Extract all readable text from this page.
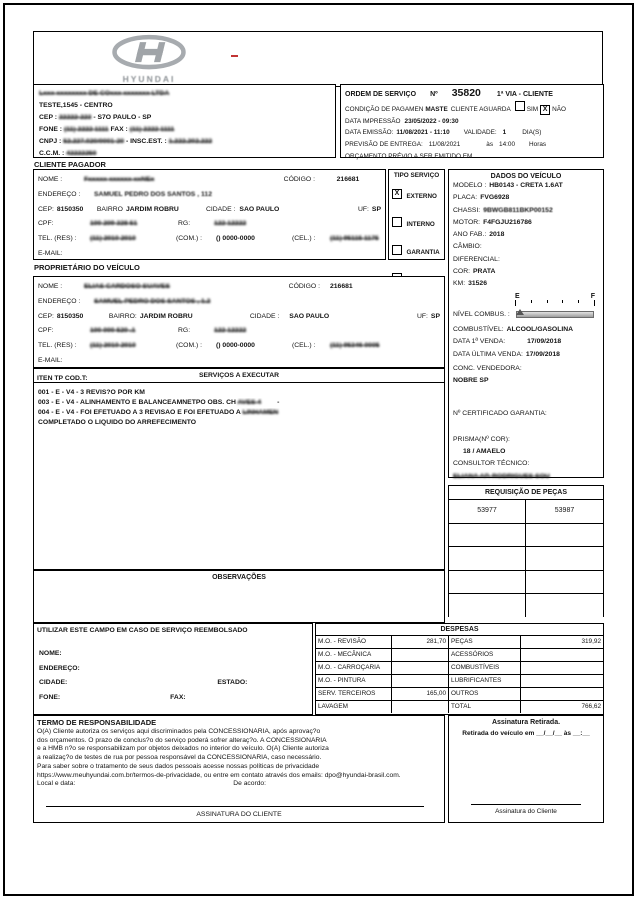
HYUNDAI
Lxxx xxxxxxxx DE COxxx xxxxxxx LTDA
TESTE,1545 - CENTRO
CEP : 22222-223 - S7O PAULO - SP
FONE : (11) 2222 1111 FAX : (11) 2222 1111
CNPJ : 52.227.020/0001-20 - INSC.EST. : 1.222.202.222
C.C.M. : 42222250
ORDEM DE SERVIÇO Nº 35820 1ª VIA - CLIENTE
CONDIÇÃO DE PAGAMEN MASTE CLIENTE AGUARDA	SIM X NÃO
DATA IMPRESSÃO 23/05/2022 - 09:30
DATA EMISSÃO: 11/08/2021 - 11:10 VALIDADE: 1	DIA(S)
PREVISÃO DE ENTREGA: 11/08/2021	às 14:00 Horas
ORÇAMENTO PRÉVIO A SER EMITIDO EM
CLIENTE PAGADOR
NOME :	Fxxxxx xxxxxx xxNEx	CÓDIGO :	216681
ENDEREÇO :	SAMUEL PEDRO DOS SANTOS , 112
CEP: 8150350	BAIRRO JARDIM ROBRU	CIDADE : SAO PAULO	UF: SP
CPF:	100 209 328 51	RG:	122 12222
TEL. (RES) :	(11) 2010 2010	(COM.) :	() 0000-0000	(CEL.) :	(11) 95115 1175
E-MAIL:
TIPO SERVIÇO
X EXTERNO
INTERNO
GARANTIA
PROPRIETÁRIO DO VEÍCULO
NOME :	ELIAS CARDOSO SUAVES	CÓDIGO : 216681
ENDEREÇO :	SAMUEL PEDRO DOS SANTOS , 1.2
CEP: 8150350	BAIRRO: JARDIM ROBRU	CIDADE : SAO PAULO	UF: SP
CPF:	100 000 520 .1	RG:	122 12222
TEL. (RES) :	(11) 2010 2010	(COM.) :	() 0000-0000	(CEL.) :	(11) 95346 0005
E-MAIL:
ITEN TP COD.T:	SERVIÇOS A EXECUTAR
001 - E - V4 - 3 REVIS?O POR KM
003 - E - V4 - ALINHAMENTO E BALANCEAMNETPO OBS. CH AVES 4 -
004 - E - V4 - FOI EFETUADO A 3 REVISAO E FOI EFETUADO A LINHAMEN
COMPLETADO O LIQUIDO DO ARREFECIMENTO
OBSERVAÇÕES
DADOS DO VEÍCULO
MODELO : HB0143 - CRETA 1.6AT
PLACA: FVG6928
CHASSI: 9BWGB811BKP00152
MOTOR: F4FGJU216786
ANO FAB.: 2018
CÂMBIO:
DIFERENCIAL:
COR: PRATA
KM: 31526
E	F
NÍVEL COMBUS. :
COMBUSTÍVEL: ALCOOL/GASOLINA
DATA 1ª VENDA:	17/09/2018
DATA ÚLTIMA VENDA: 17/09/2018
CONC. VENDEDORA:
NOBRE SP
Nº CERTIFICADO GARANTIA:
PRISMA(Nº COR):
18 / AMAELO
CONSULTOR TÉCNICO:
ELIANA AP. RODRIGUES SOU
REQUISIÇÃO DE PEÇAS
53977	53987
UTILIZAR ESTE CAMPO EM CASO DE SERVIÇO REEMBOLSADO
NOME:
ENDEREÇO:
CIDADE:	ESTADO:
FONE:	FAX:
DESPESAS
M.O. - REVISÃO	281,70 PEÇAS	319,92
M.O. - MECÂNICA	ACESSÓRIOS
M.O. - CARROÇARIA	COMBUSTÍVEIS
M.O. - PINTURA	LUBRIFICANTES
SERV. TERCEIROS	165,00 OUTROS
LAVAGEM	TOTAL	766,62
TERMO DE RESPONSABILIDADE
O(A) Cliente autoriza os serviços aqui discriminados pela CONCESSIONÁRIA, após aprovaç?o
dos orçamentos. O prazo de conclus?o do serviço poderá sofrer alteraç?o. A CONCESSIONÁRIA
e a HMB n?o se responsabilizam por objetos deixados no interior do veículo. O(A) Cliente autoriza
a realizaç?o de testes de rua por pessoa responsável da CONCESSIONÁRIA, caso necessário.
Para saber sobre o tratamento de seus dados pessoais acesse nossas políticas de privacidade
https://www.meuhyundai.com.br/termos-de-privacidade, ou entre em contato através dos emails: dpo@hyundai-brasil.com.
Local e data:	De acordo:
ASSINATURA DO CLIENTE
Assinatura Retirada.
Retirada do veículo em __/__/__ às __:__
Assinatura do Cliente
